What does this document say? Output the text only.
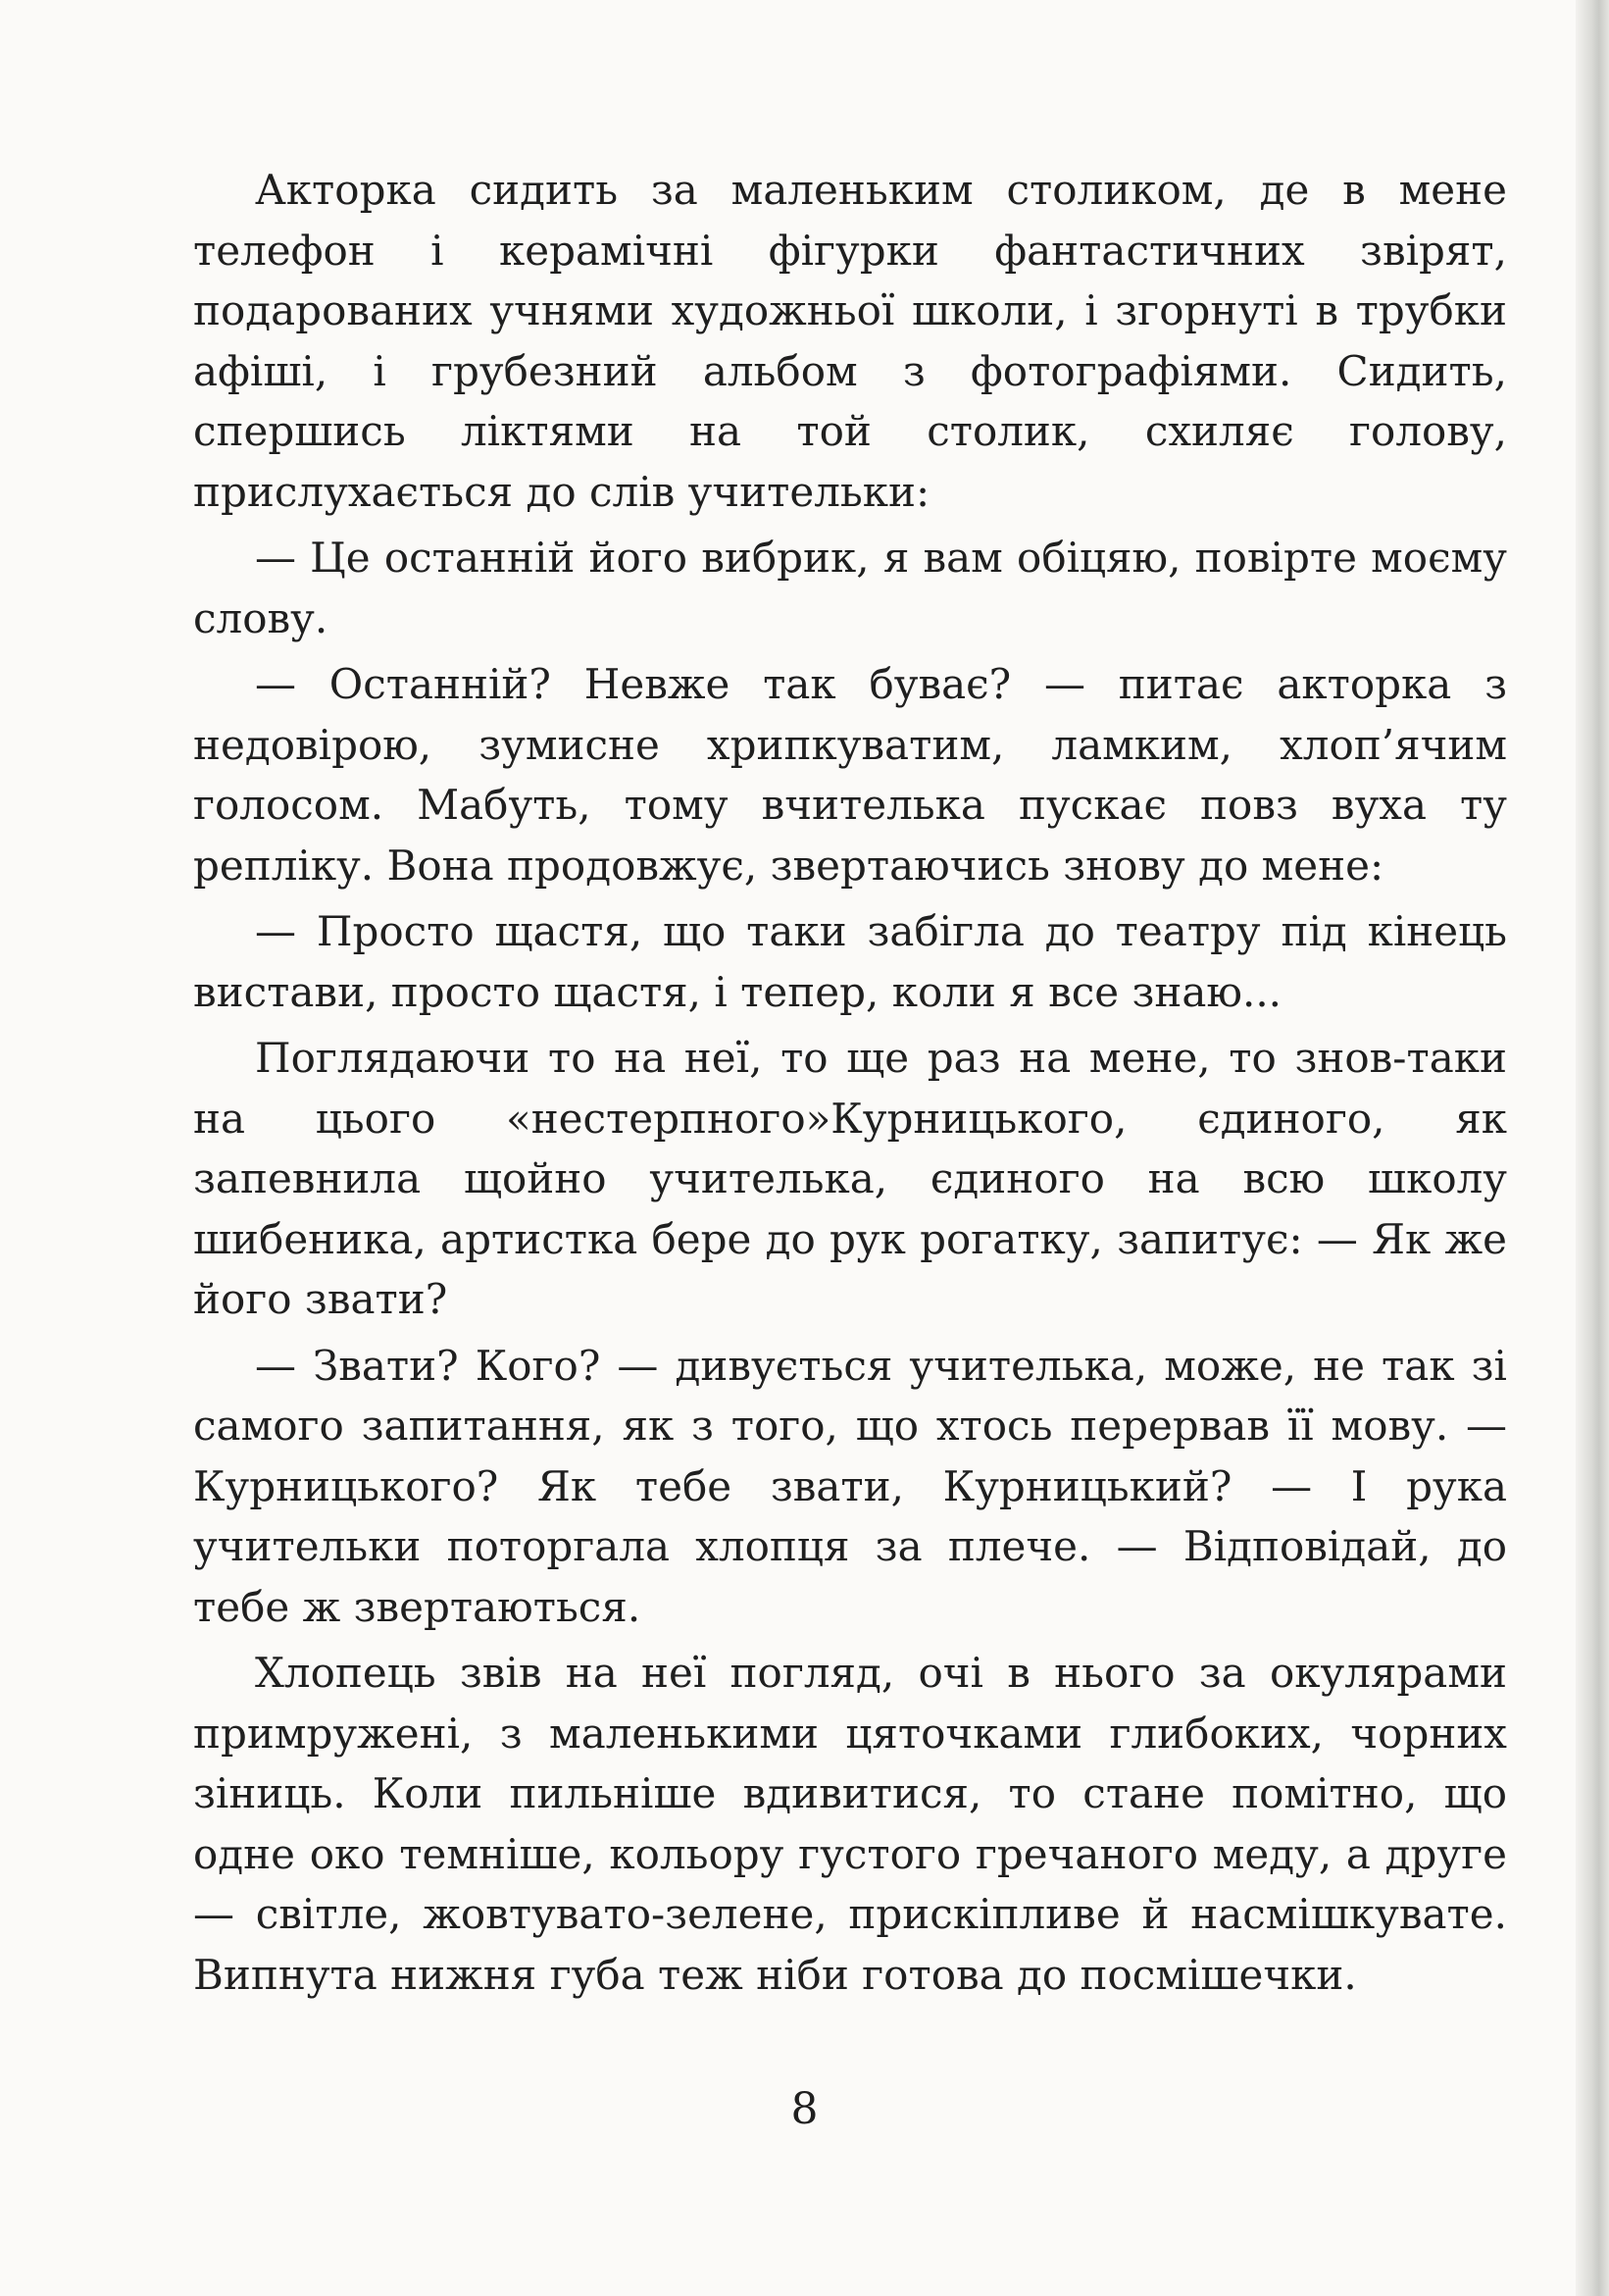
Акторка сидить за маленьким столиком, де в мене телефон і керамічні фігурки фантастичних звірят, подарованих учнями художньої школи, і згорнуті в трубки афіші, і грубезний альбом з фотографіями. Сидить, спершись ліктями на той столик, схиляє голову, прислухається до слів учительки:

— Це останній його вибрик, я вам обіцяю, повірте моєму слову.

— Останній? Невже так буває? — питає акторка з недовірою, зумисне хрипкуватим, ламким, хлоп’ячим голосом. Мабуть, тому вчителька пускає повз вуха ту репліку. Вона продовжує, звертаючись знову до мене:

— Просто щастя, що таки забігла до театру під кінець вистави, просто щастя, і тепер, коли я все знаю...

Поглядаючи то на неї, то ще раз на мене, то знов-таки на цього «нестерпного»Курницького, єдиного, як запевнила щойно учителька, єдиного на всю школу шибеника, артистка бере до рук рогатку, запитує: — Як же його звати?

— Звати? Кого? — дивується учителька, може, не так зі самого запитання, як з того, що хтось перервав її мову. — Курницького? Як тебе звати, Курницький? — І рука учительки поторгала хлопця за плече. — Відповідай, до тебе ж звертаються.

Хлопець звів на неї погляд, очі в нього за окулярами примружені, з маленькими цяточками глибоких, чорних зіниць. Коли пильніше вдивитися, то стане помітно, що одне око темніше, кольору густого гречаного меду, а друге — світле, жовтувато-зелене, прискіпливе й насмішкувате. Випнута нижня губа теж ніби готова до посмішечки.

8
